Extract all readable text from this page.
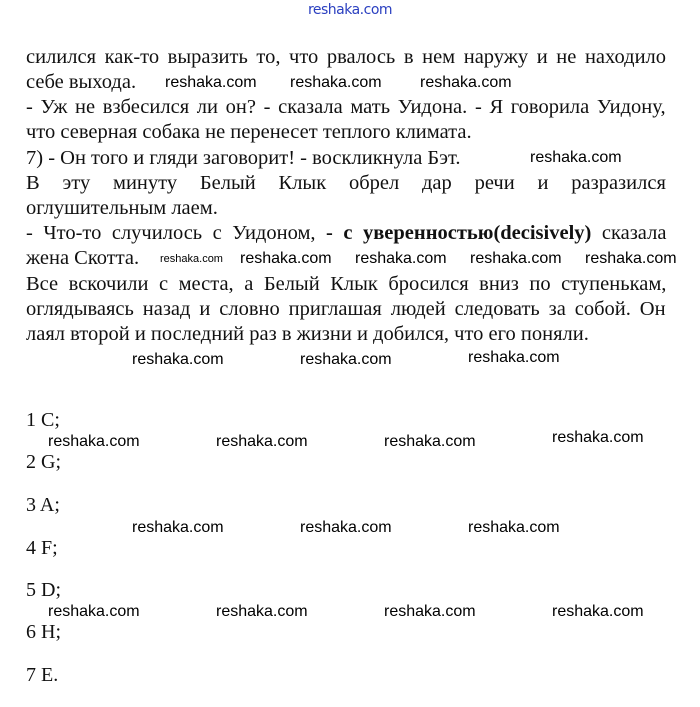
reshaka.com
силился как-то выразить то, что рвалось в нем наружу и не находило
себе выхода.
- Уж не взбесился ли он? - сказала мать Уидона. - Я говорила Уидону,
что северная собака не перенесет теплого климата.
7) - Он того и гляди заговорит! - воскликнула Бэт.
В эту минуту Белый Клык обрел дар речи и разразился
оглушительным лаем.
- Что-то случилось с Уидоном, - с уверенностью(decisively) сказала
жена Скотта.
Все вскочили с места, а Белый Клык бросился вниз по ступенькам,
оглядываясь назад и словно приглашая людей следовать за собой. Он
лаял второй и последний раз в жизни и добился, что его поняли.
1 C;
2 G;
3 A;
4 F;
5 D;
6 H;
7 E.
reshaka.com reshaka.com reshaka.com
reshaka.com
reshaka.com
reshaka.com reshaka.com reshaka.com
reshaka.com	reshaka.com	reshaka.com
reshaka.com	reshaka.com	reshaka.com	reshaka.com
reshaka.com	reshaka.com	reshaka.com
reshaka.com
reshaka.com	reshaka.com	reshaka.com	reshaka.com
